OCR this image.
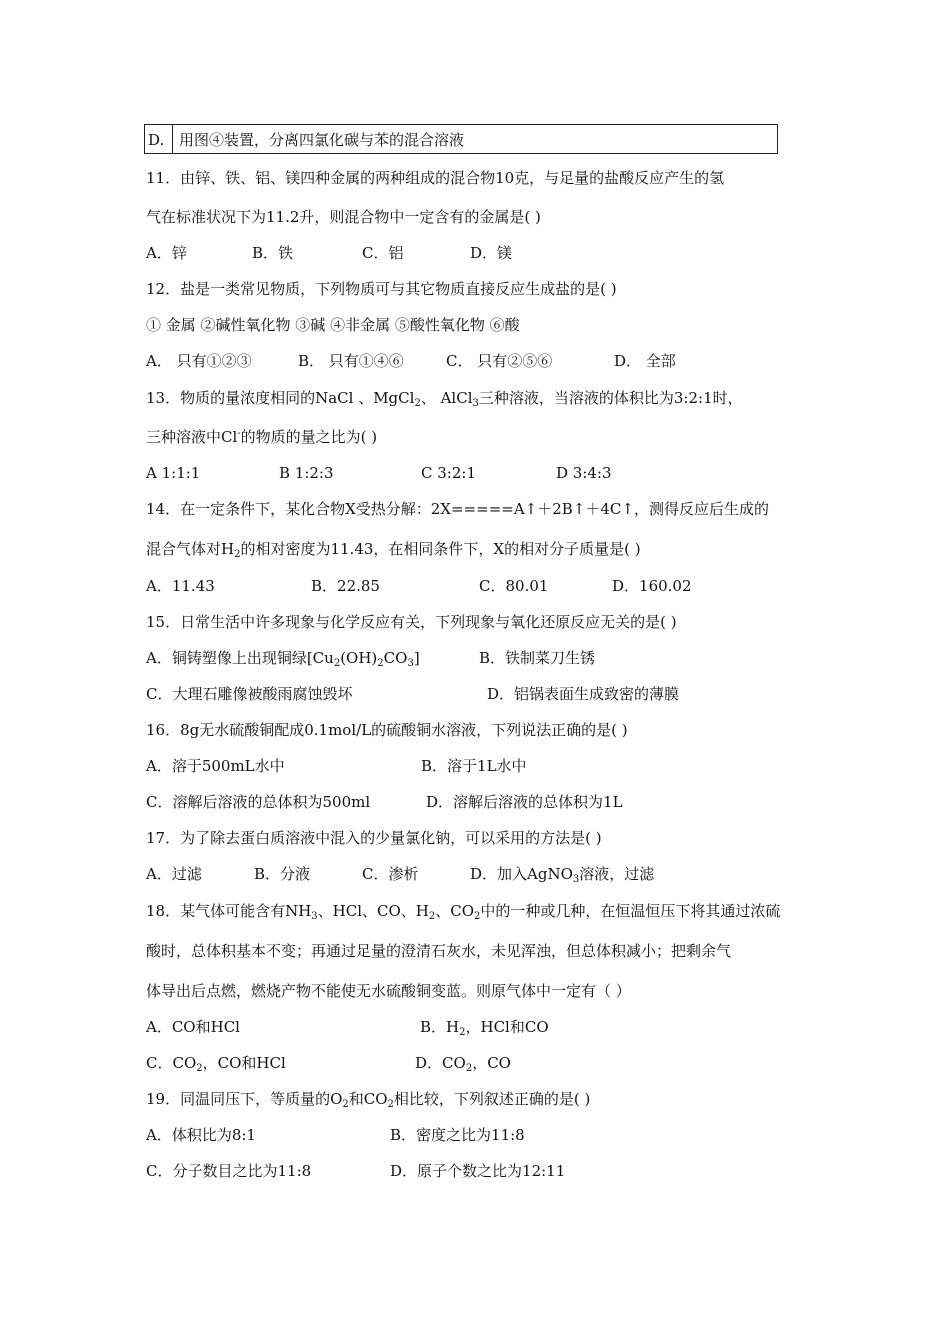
D. 用图④装置，分离四氯化碳与苯的混合溶液
11．由锌、铁、铝、镁四种金属的两种组成的混合物10克，与足量的盐酸反应产生的氢
气在标准状况下为11.2升，则混合物中一定含有的金属是( )
A．锌	B．铁	C．铝	D．镁
12．盐是一类常见物质，下列物质可与其它物质直接反应生成盐的是( )
① 金属 ②碱性氧化物 ③碱 ④非金属 ⑤酸性氧化物 ⑥酸
A． 只有①②③	B． 只有①④⑥	C． 只有②⑤⑥	D． 全部
13．物质的量浓度相同的NaCl 、MgCl$_2$、 AlCl$_3$三种溶液，当溶液的体积比为3:2:1时，
三种溶液中Cl-的物质的量之比为( )
A 1:1:1	B 1:2:3	C 3:2:1	D 3:4:3
14．在一定条件下，某化合物X受热分解：2X=====A↑＋2B↑＋4C↑，测得反应后生成的
混合气体对$H_2$的相对密度为11.43，在相同条件下，X的相对分子质量是( )
A．11.43	B．22.85	C．80.01	D．160.02
15．日常生活中许多现象与化学反应有关，下列现象与氧化还原反应无关的是( )
A．铜铸塑像上出现铜绿$[Cu_2(OH)_2CO_3]$	B．铁制菜刀生锈
C．大理石雕像被酸雨腐蚀毁坏	D．铝锅表面生成致密的薄膜
16．8g无水硫酸铜配成0.1mol/L的硫酸铜水溶液，下列说法正确的是( )
A．溶于500mL水中	B．溶于1L水中
C．溶解后溶液的总体积为500ml	D．溶解后溶液的总体积为1L
17．为了除去蛋白质溶液中混入的少量氯化钠，可以采用的方法是( )
A．过滤	B．分液	C．渗析	D．加入AgNO$_3$溶液，过滤
18．某气体可能含有$NH_3$、HCl、CO、$H_2$、$CO_2$中的一种或几种，在恒温恒压下将其通过浓硫
酸时，总体积基本不变；再通过足量的澄清石灰水，未见浑浊，但总体积减小；把剩余气
体导出后点燃，燃烧产物不能使无水硫酸铜变蓝。则原气体中一定有（ ）
A．CO和HCl	B．$H_2$，HCl和CO
C．$CO_2$，CO和HCl	D．$CO_2$，CO
19．同温同压下，等质量的$O_2$和$CO_2$相比较，下列叙述正确的是( )
A．体积比为8:1	B．密度之比为11:8
C．分子数目之比为11:8	D．原子个数之比为12:11
